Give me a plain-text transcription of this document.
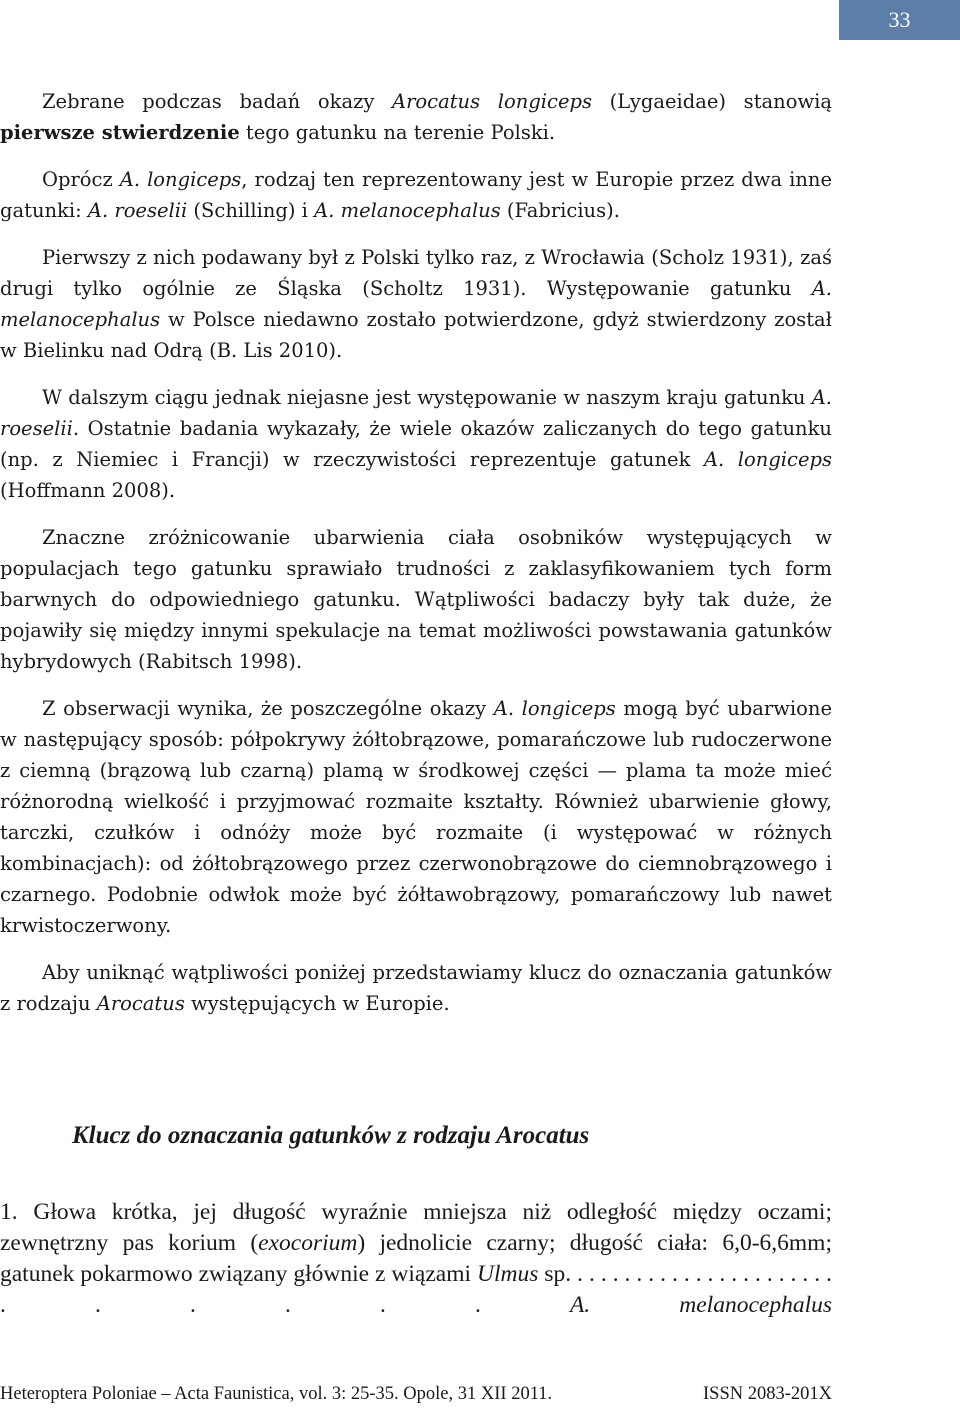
33

Zebrane podczas badań okazy Arocatus longiceps (Lygaeidae) stanowią pierwsze stwierdzenie tego gatunku na terenie Polski.

Oprócz A. longiceps, rodzaj ten reprezentowany jest w Europie przez dwa inne gatunki: A. roeselii (Schilling) i A. melanocephalus (Fabricius).

Pierwszy z nich podawany był z Polski tylko raz, z Wrocławia (Scholz 1931), zaś drugi tylko ogólnie ze Śląska (Scholtz 1931). Występowanie gatunku A. melanocephalus w Polsce niedawno zostało potwierdzone, gdyż stwierdzony został w Bielinku nad Odrą (B. Lis 2010).

W dalszym ciągu jednak niejasne jest występowanie w naszym kraju gatunku A. roeselii. Ostatnie badania wykazały, że wiele okazów zaliczanych do tego gatunku (np. z Niemiec i Francji) w rzeczywistości reprezentuje gatunek A. longiceps (Hoffmann 2008).

Znaczne zróżnicowanie ubarwienia ciała osobników występujących w populacjach tego gatunku sprawiało trudności z zaklasyfikowaniem tych form barwnych do odpowiedniego gatunku. Wątpliwości badaczy były tak duże, że pojawiły się między innymi spekulacje na temat możliwości powstawania gatunków hybrydowych (Rabitsch 1998).

Z obserwacji wynika, że poszczególne okazy A. longiceps mogą być ubarwione w następujący sposób: półpokrywy żółtobrązowe, pomarańczowe lub rudoczerwone z ciemną (brązową lub czarną) plamą w środkowej części — plama ta może mieć różnorodną wielkość i przyjmować rozmaite kształty. Również ubarwienie głowy, tarczki, czułków i odnóży może być rozmaite (i występować w różnych kombinacjach): od żółtobrązowego przez czerwonobrązowe do ciemnobrązowego i czarnego. Podobnie odwłok może być żółtawobrązowy, pomarańczowy lub nawet krwistoczerwony.

Aby uniknąć wątpliwości poniżej przedstawiamy klucz do oznaczania gatunków z rodzaju Arocatus występujących w Europie.

Klucz do oznaczania gatunków z rodzaju Arocatus

1. Głowa krótka, jej długość wyraźnie mniejsza niż odległość między oczami; zewnętrzny pas korium (exocorium) jednolicie czarny; długość ciała: 6,0-6,6mm; gatunek pokarmowo związany głównie z wiązami Ulmus sp. . . . . . . . . . . . . . . . . . . . . . . . . . . . . A. melanocephalus

Heteroptera Poloniae – Acta Faunistica, vol. 3: 25-35. Opole, 31 XII 2011.	ISSN 2083-201X
